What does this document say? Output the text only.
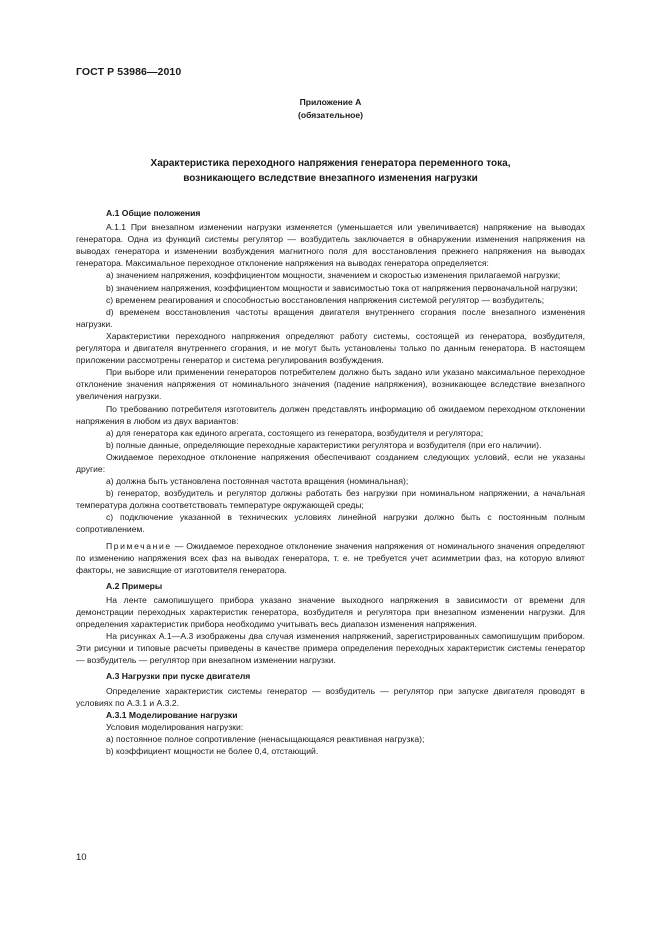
ГОСТ Р 53986—2010
Приложение А
(обязательное)
Характеристика переходного напряжения генератора переменного тока,
возникающего вследствие внезапного изменения нагрузки

А.1 Общие положения

А.1.1 При внезапном изменении нагрузки изменяется (уменьшается или увеличивается) напряжение на выводах генератора. Одна из функций системы регулятор — возбудитель заключается в обнаружении изменения напряжения на выводах генератора и изменении возбуждения магнитного поля для восстановления прежнего напряжения на выводах генератора. Максимальное переходное отклонение напряжения на выводах генератора определяется:

а) значением напряжения, коэффициентом мощности, значением и скоростью изменения прилагаемой нагрузки;

b) значением напряжения, коэффициентом мощности и зависимостью тока от напряжения первоначальной нагрузки;

с) временем реагирования и способностью восстановления напряжения системой регулятор — возбудитель;

d) временем восстановления частоты вращения двигателя внутреннего сгорания после внезапного изменения нагрузки.

Характеристики переходного напряжения определяют работу системы, состоящей из генератора, возбудителя, регулятора и двигателя внутреннего сгорания, и не могут быть установлены только по данным генератора. В настоящем приложении рассмотрены генератор и система регулирования возбуждения.

При выборе или применении генераторов потребителем должно быть задано или указано максимальное переходное отклонение значения напряжения от номинального значения (падение напряжения), возникающее вследствие внезапного увеличения нагрузки.

По требованию потребителя изготовитель должен представлять информацию об ожидаемом переходном отклонении напряжения в любом из двух вариантов:

а) для генератора как единого агрегата, состоящего из генератора, возбудителя и регулятора;

b) полные данные, определяющие переходные характеристики регулятора и возбудителя (при его наличии).

Ожидаемое переходное отклонение напряжения обеспечивают созданием следующих условий, если не указаны другие:

а) должна быть установлена постоянная частота вращения (номинальная);

b) генератор, возбудитель и регулятор должны работать без нагрузки при номинальном напряжении, а начальная температура должна соответствовать температуре окружающей среды;

с) подключение указанной в технических условиях линейной нагрузки должно быть с постоянным полным сопротивлением.

Примечание — Ожидаемое переходное отклонение значения напряжения от номинального значения определяют по изменению напряжения всех фаз на выводах генератора, т. е. не требуется учет асимметрии фаз, на которую влияют факторы, не зависящие от изготовителя генератора.

А.2 Примеры

На ленте самопишущего прибора указано значение выходного напряжения в зависимости от времени для демонстрации переходных характеристик генератора, возбудителя и регулятора при внезапном изменении нагрузки. Для определения характеристик прибора необходимо учитывать весь диапазон изменения напряжения.

На рисунках А.1—А.3 изображены два случая изменения напряжений, зарегистрированных самопишущим прибором. Эти рисунки и типовые расчеты приведены в качестве примера определения переходных характеристик системы генератор — возбудитель — регулятор при внезапном изменении нагрузки.

А.3 Нагрузки при пуске двигателя

Определение характеристик системы генератор — возбудитель — регулятор при запуске двигателя проводят в условиях по А.3.1 и А.3.2.

А.3.1 Моделирование нагрузки

Условия моделирования нагрузки:

а) постоянное полное сопротивление (ненасыщающаяся реактивная нагрузка);

b) коэффициент мощности не более 0,4, отстающий.

10
